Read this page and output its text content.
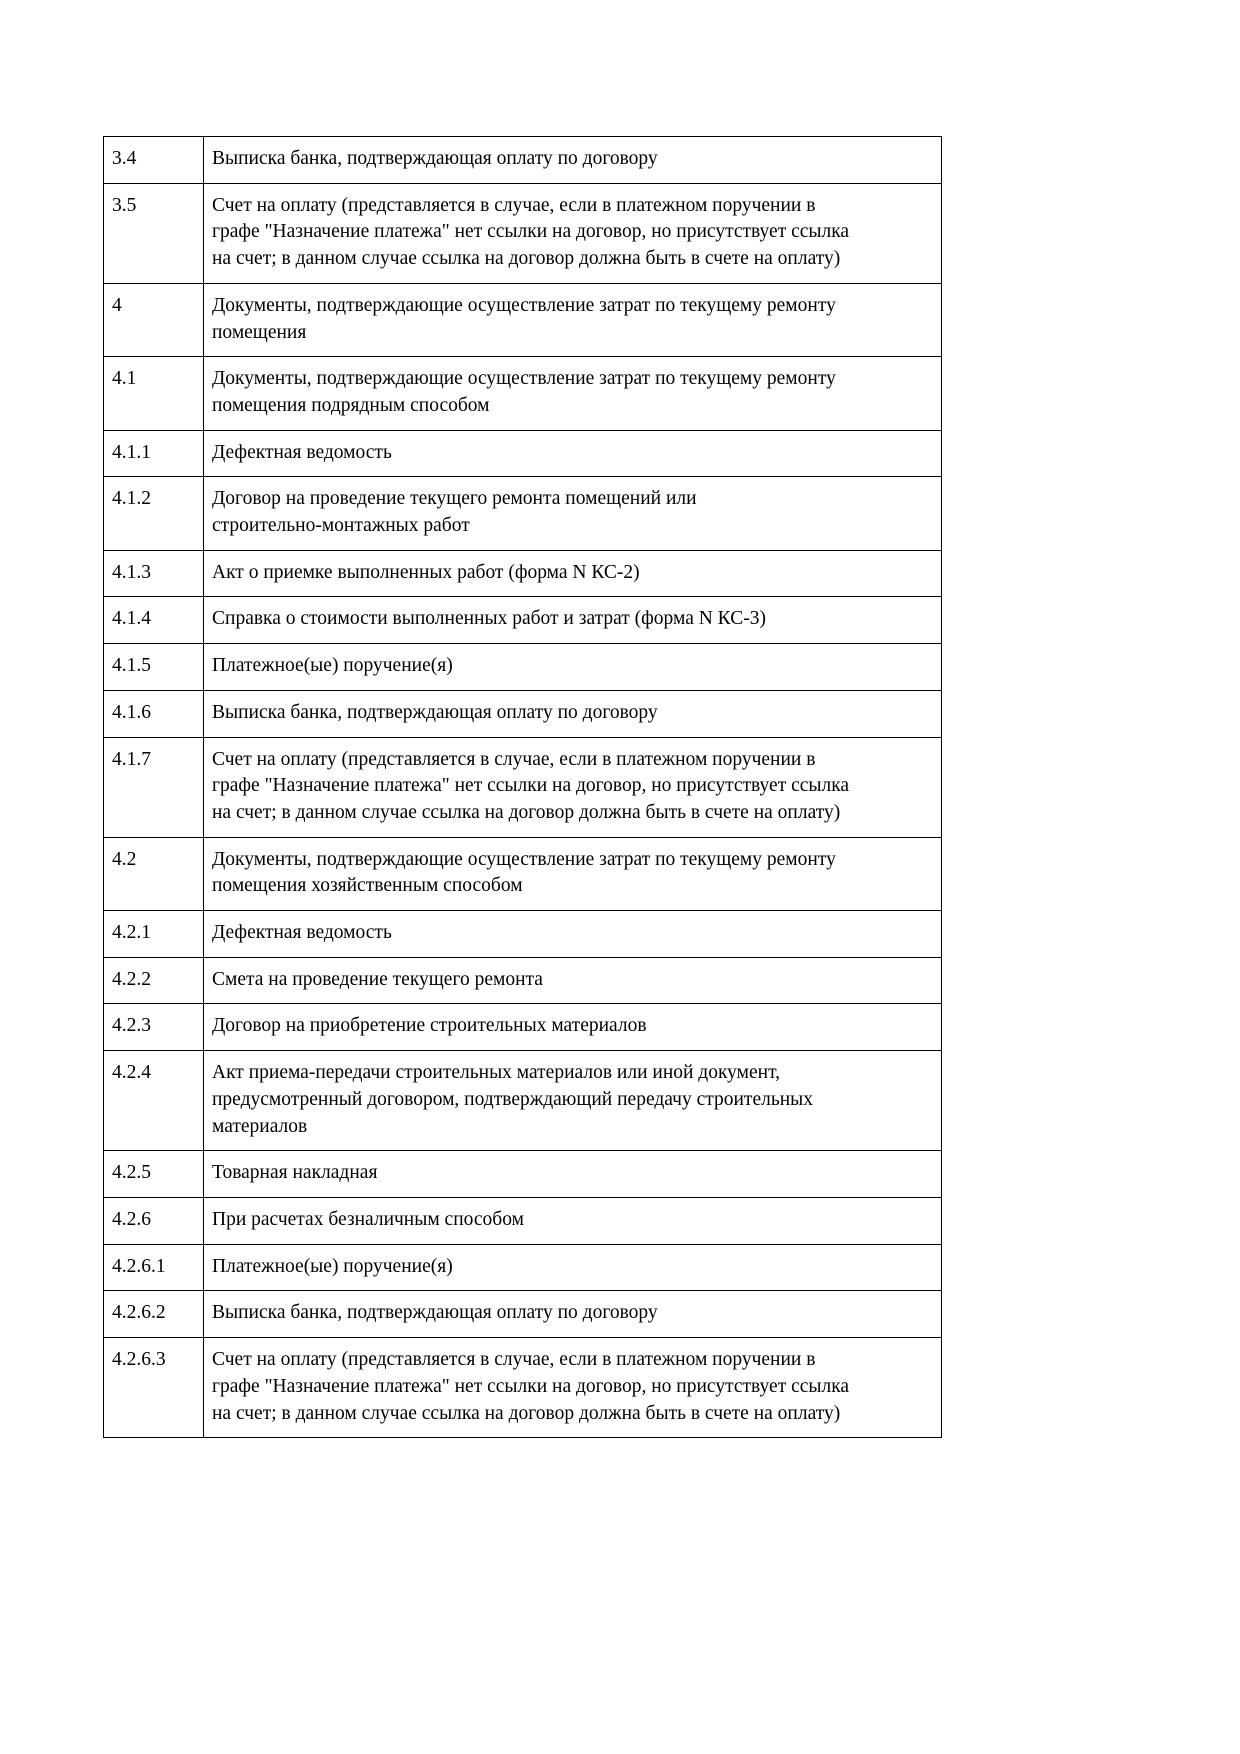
3.4	Выписка банка, подтверждающая оплату по договору

3.5	Счет на оплату (представляется в случае, если в платежном поручении в
графе "Назначение платежа" нет ссылки на договор, но присутствует ссылка
на счет; в данном случае ссылка на договор должна быть в счете на оплату)

4	Документы, подтверждающие осуществление затрат по текущему ремонту
помещения

4.1	Документы, подтверждающие осуществление затрат по текущему ремонту
помещения подрядным способом

4.1.1	Дефектная ведомость

4.1.2	Договор на проведение текущего ремонта помещений или
строительно-монтажных работ

4.1.3	Акт о приемке выполненных работ (форма N КС-2)

4.1.4	Справка о стоимости выполненных работ и затрат (форма N КС-3)

4.1.5	Платежное(ые) поручение(я)

4.1.6	Выписка банка, подтверждающая оплату по договору

4.1.7	Счет на оплату (представляется в случае, если в платежном поручении в
графе "Назначение платежа" нет ссылки на договор, но присутствует ссылка
на счет; в данном случае ссылка на договор должна быть в счете на оплату)

4.2	Документы, подтверждающие осуществление затрат по текущему ремонту
помещения хозяйственным способом

4.2.1	Дефектная ведомость

4.2.2	Смета на проведение текущего ремонта

4.2.3	Договор на приобретение строительных материалов

4.2.4	Акт приема-передачи строительных материалов или иной документ,
предусмотренный договором, подтверждающий передачу строительных
материалов

4.2.5	Товарная накладная

4.2.6	При расчетах безналичным способом

4.2.6.1	Платежное(ые) поручение(я)

4.2.6.2	Выписка банка, подтверждающая оплату по договору

4.2.6.3	Счет на оплату (представляется в случае, если в платежном поручении в
графе "Назначение платежа" нет ссылки на договор, но присутствует ссылка
на счет; в данном случае ссылка на договор должна быть в счете на оплату)
